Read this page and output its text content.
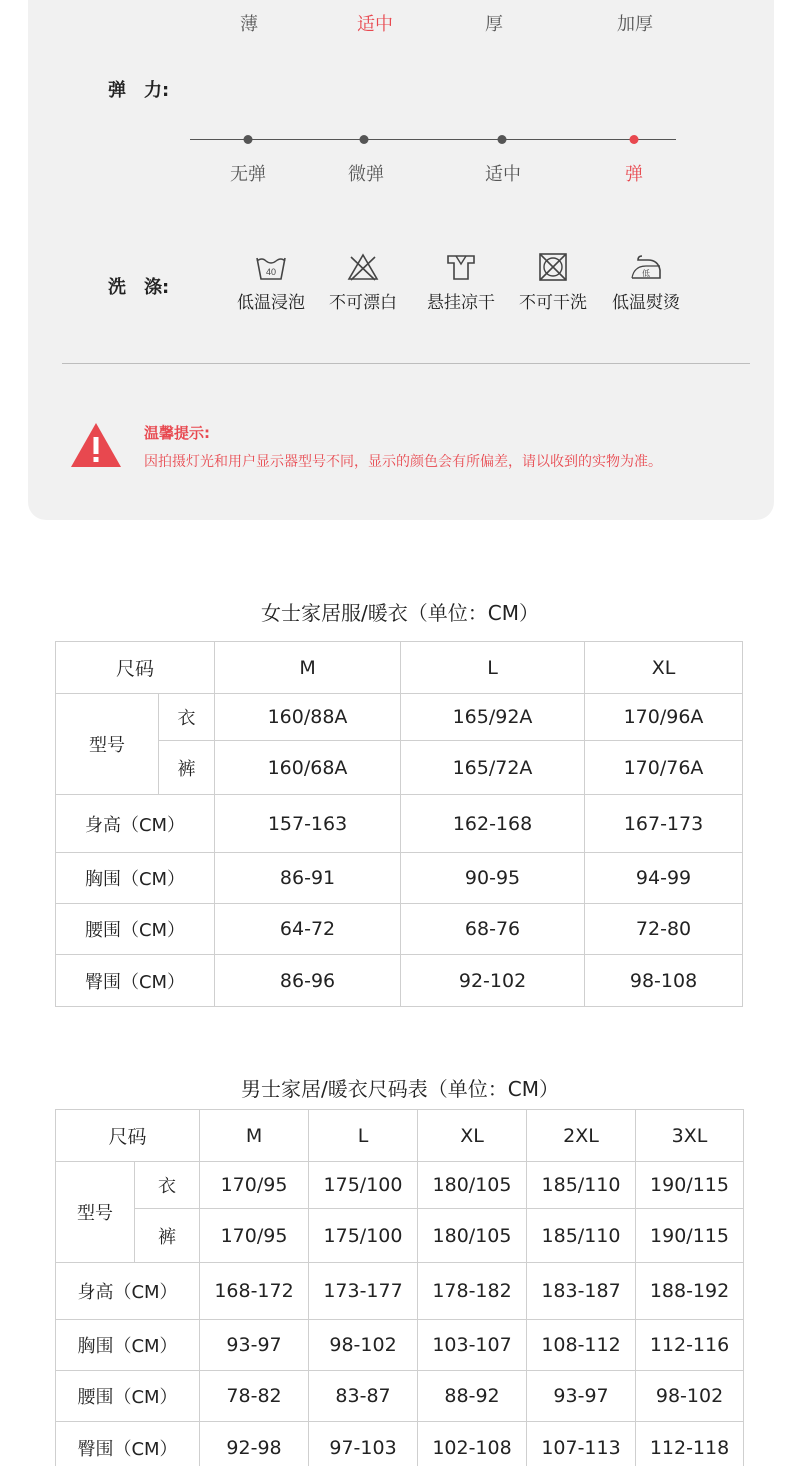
薄	适中	厚	加厚
弹　力:
无弹	微弹	适中	弹
洗　涤:
40
低温浸泡	不可漂白	悬挂凉干	不可干洗
低
低温熨烫
温馨提示:
因拍摄灯光和用户显示器型号不同，显示的颜色会有所偏差，请以收到的实物为准。
女士家居服/暖衣（单位：CM）
尺码		M	L	XL
型号	衣	160/88A	165/92A	170/96A
	裤	160/68A	165/72A	170/76A
身高（CM）		157-163	162-168	167-173
胸围（CM）		86-91	90-95	94-99
腰围（CM）		64-72	68-76	72-80
臀围（CM）		86-96	92-102	98-108
男士家居/暖衣尺码表（单位：CM）
尺码		M	L	XL	2XL	3XL
型号	衣	170/95	175/100	180/105	185/110	190/115
	裤	170/95	175/100	180/105	185/110	190/115
身高（CM）		168-172	173-177	178-182	183-187	188-192
胸围（CM）		93-97	98-102	103-107	108-112	112-116
腰围（CM）		78-82	83-87	88-92	93-97	98-102
臀围（CM）		92-98	97-103	102-108	107-113	112-118
